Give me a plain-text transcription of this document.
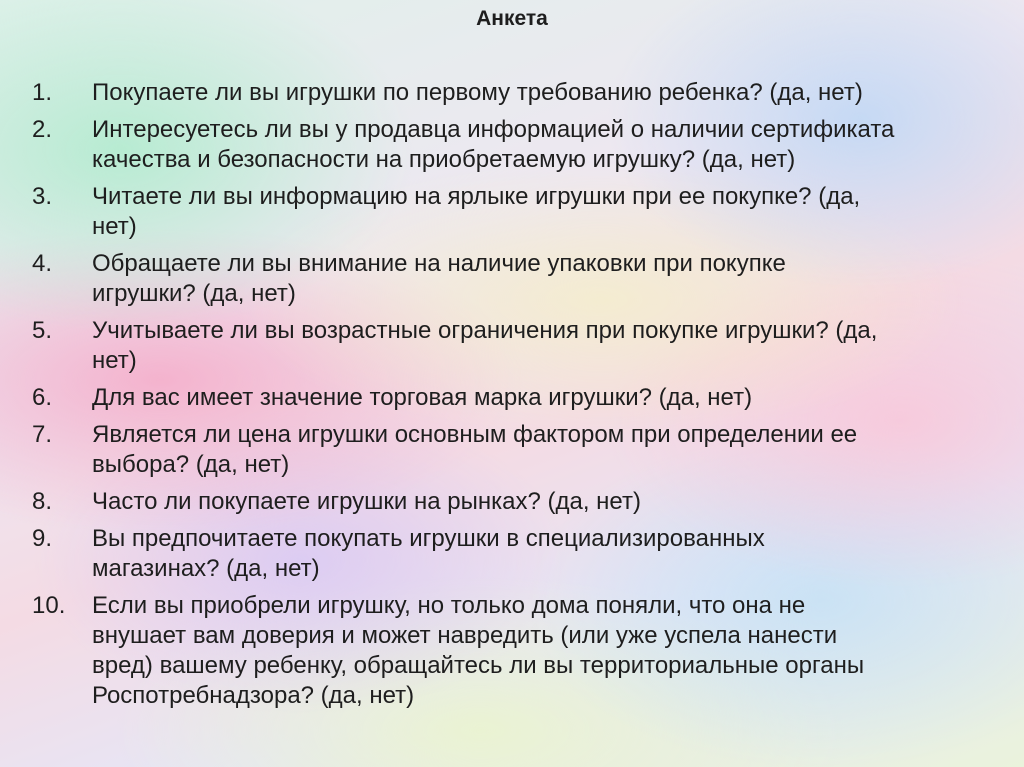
Анкета
1.	Покупаете ли вы игрушки по первому требованию ребенка? (да, нет)
2.	Интересуетесь ли вы у продавца информацией о наличии сертификата
качества и безопасности на приобретаемую игрушку? (да, нет)
3.	Читаете ли вы информацию на ярлыке игрушки при ее покупке? (да,
нет)
4.	Обращаете ли вы внимание на наличие упаковки при покупке
игрушки? (да, нет)
5.	Учитываете ли вы возрастные ограничения при покупке игрушки? (да,
нет)
6.	Для вас имеет значение торговая марка игрушки? (да, нет)
7.	Является ли цена игрушки основным фактором при определении ее
выбора? (да, нет)
8.	Часто ли покупаете игрушки на рынках? (да, нет)
9.	Вы предпочитаете покупать игрушки в специализированных
магазинах? (да, нет)
10.	Если вы приобрели игрушку, но только дома поняли, что она не
внушает вам доверия и может навредить (или уже успела нанести
вред) вашему ребенку, обращайтесь ли вы территориальные органы
Роспотребнадзора? (да, нет)
